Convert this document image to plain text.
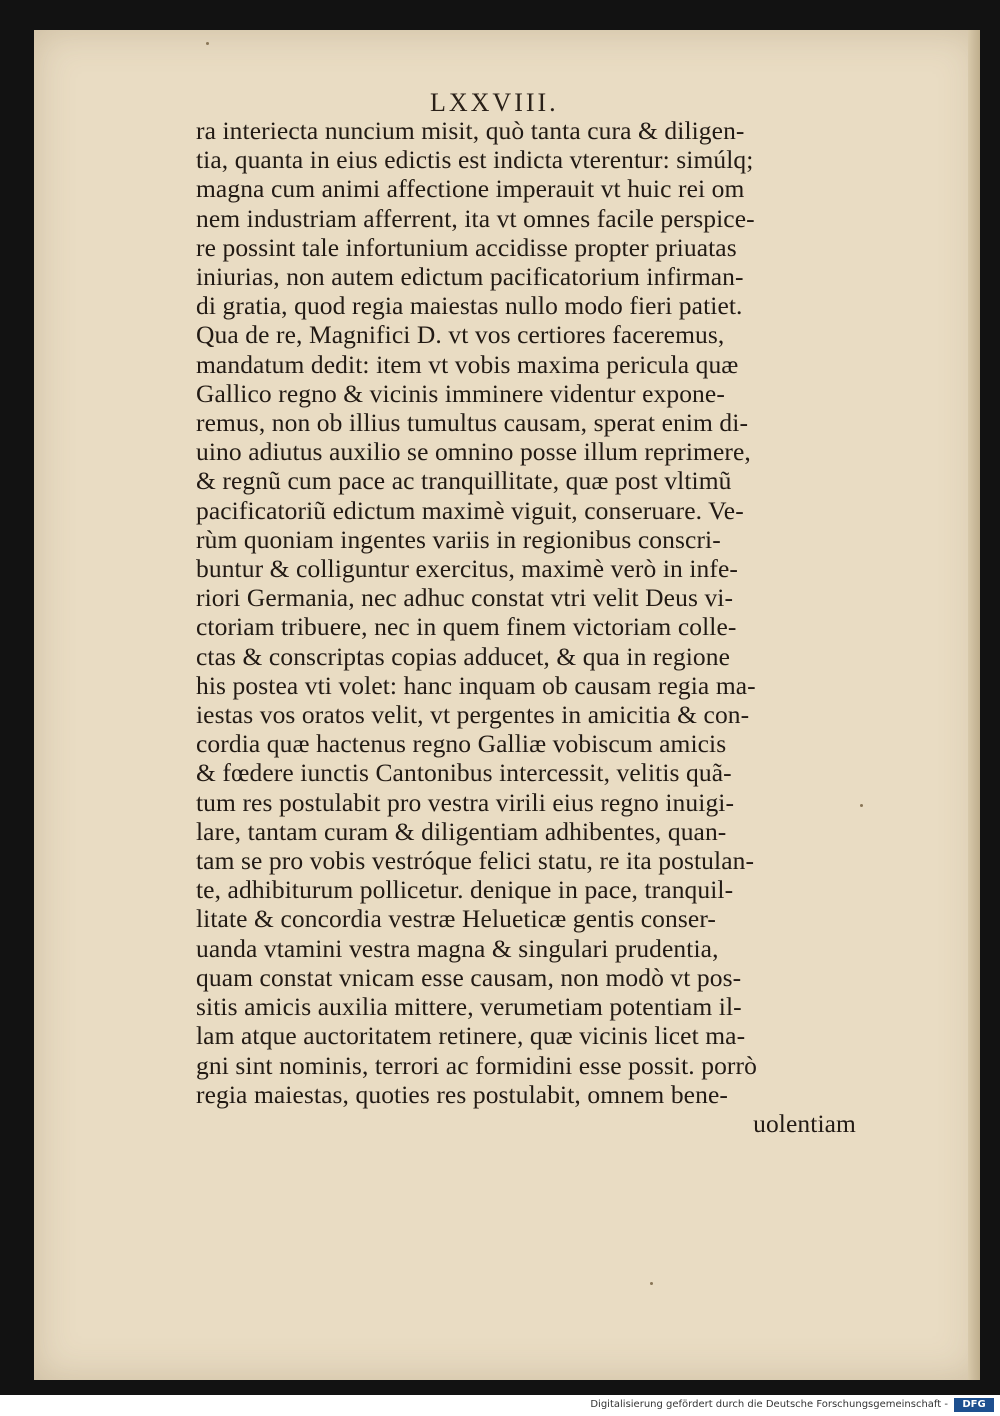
LXXVIII.
ra interiecta nuncium misit, quò tanta cura & diligen-
tia, quanta in eius edictis est indicta vterentur: simúlq;
magna cum animi affectione imperauit vt huic rei om
nem industriam afferrent, ita vt omnes facile perspice-
re possint tale infortunium accidisse propter priuatas
iniurias, non autem edictum pacificatorium infirman-
di gratia, quod regia maiestas nullo modo fieri patiet.
Qua de re, Magnifici D. vt vos certiores faceremus,
mandatum dedit: item vt vobis maxima pericula quæ
Gallico regno & vicinis imminere videntur expone-
remus, non ob illius tumultus causam, sperat enim di-
uino adiutus auxilio se omnino posse illum reprimere,
& regnũ cum pace ac tranquillitate, quæ post vltimũ
pacificatoriũ edictum maximè viguit, conseruare. Ve-
rùm quoniam ingentes variis in regionibus conscri-
buntur & colliguntur exercitus, maximè verò in infe-
riori Germania, nec adhuc constat vtri velit Deus vi-
ctoriam tribuere, nec in quem finem victoriam colle-
ctas & conscriptas copias adducet, & qua in regione
his postea vti volet: hanc inquam ob causam regia ma-
iestas vos oratos velit, vt pergentes in amicitia & con-
cordia quæ hactenus regno Galliæ vobiscum amicis
& fœdere iunctis Cantonibus intercessit, velitis quã-
tum res postulabit pro vestra virili eius regno inuigi-
lare, tantam curam & diligentiam adhibentes, quan-
tam se pro vobis vestróque felici statu, re ita postulan-
te, adhibiturum pollicetur. denique in pace, tranquil-
litate & concordia vestræ Helueticæ gentis conser-
uanda vtamini vestra magna & singulari prudentia,
quam constat vnicam esse causam, non modò vt pos-
sitis amicis auxilia mittere, verumetiam potentiam il-
lam atque auctoritatem retinere, quæ vicinis licet ma-
gni sint nominis, terrori ac formidini esse possit. porrò
regia maiestas, quoties res postulabit, omnem bene-
uolentiam
Digitalisierung gefördert durch die Deutsche Forschungsgemeinschaft -	DFG
